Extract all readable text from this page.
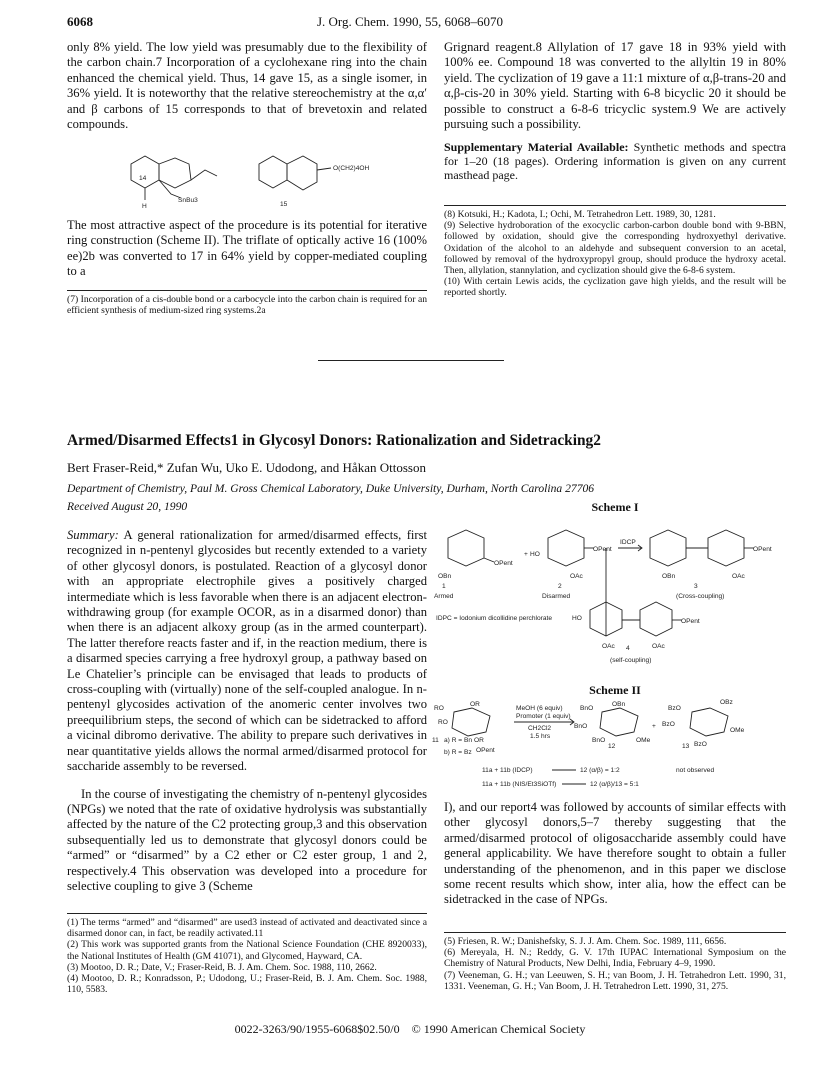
6068	J. Org. Chem. 1990, 55, 6068–6070

only 8% yield. The low yield was presumably due to the flexibility of the carbon chain.7 Incorporation of a cyclohexane ring into the chain enhanced the chemical yield. Thus, 14 gave 15, as a single isomer, in 36% yield. It is noteworthy that the relative stereochemistry at the α,α′ and β carbons of 15 corresponds to that of brevetoxin and related compounds.

H
SnBu3
14
O(CH2)4OH
15

The most attractive aspect of the procedure is its potential for iterative ring construction (Scheme II). The triflate of optically active 16 (100% ee)2b was converted to 17 in 64% yield by copper-mediated coupling to a

(7) Incorporation of a cis-double bond or a carbocycle into the carbon chain is required for an efficient synthesis of medium-sized ring systems.2a

Grignard reagent.8 Allylation of 17 gave 18 in 93% yield with 100% ee. Compound 18 was converted to the allyltin 19 in 80% yield. The cyclization of 19 gave a 11:1 mixture of α,β-trans-20 and α,β-cis-20 in 30% yield. Starting with 6-8 bicyclic 20 it should be possible to construct a 6-8-6 tricyclic system.9 We are actively pursuing such a possibility.

Supplementary Material Available: Synthetic methods and spectra for 1–20 (18 pages). Ordering information is given on any current masthead page.

(8) Kotsuki, H.; Kadota, I.; Ochi, M. Tetrahedron Lett. 1989, 30, 1281.

(9) Selective hydroboration of the exocyclic carbon-carbon double bond with 9-BBN, followed by oxidation, should give the corresponding hydroxyethyl derivative. Oxidation of the alcohol to an aldehyde and subsequent conversion to an acetal, followed by removal of the hydroxypropyl group, should produce the hydroxy acetal. Then, allylation, stannylation, and cyclization should give the 6-8-6 system.

(10) With certain Lewis acids, the cyclization gave high yields, and the result will be reported shortly.

Armed/Disarmed Effects1 in Glycosyl Donors: Rationalization and Sidetracking2
Bert Fraser-Reid,* Zufan Wu, Uko E. Udodong, and Håkan Ottosson
Department of Chemistry, Paul M. Gross Chemical Laboratory, Duke University, Durham, North Carolina 27706
Received August 20, 1990

Summary: A general rationalization for armed/disarmed effects, first recognized in n-pentenyl glycosides but recently extended to a variety of other glycosyl donors, is postulated. Reaction of a glycosyl donor with an appropriate electrophile gives a positively charged intermediate which is less favorable when there is an adjacent electron-withdrawing group (for example OCOR, as in a disarmed donor) than when there is an adjacent alkoxy group (as in the armed counterpart). The latter therefore reacts faster and if, in the reaction medium, there is a disarmed species carrying a free hydroxyl group, a pathway based on Le Chatelier’s principle can be envisaged that leads to products of cross-coupling with (virtually) none of the self-coupled analogue. In n-pentenyl glycosides activation of the anomeric center involves two preequilibrium steps, the second of which can be sidetracked to afford a vicinal dibromo derivative. The ability to prepare such derivatives in near quantitative yields allows the normal armed/disarmed protocol for saccharide assembly to be reversed.

In the course of investigating the chemistry of n-pentenyl glycosides (NPGs) we noted that the rate of oxidative hydrolysis was substantially affected by the nature of the C2 protecting group,3 and this observation subsequentially led us to demonstrate that glycosyl donors could be “armed” or “disarmed” by a C2 ether or C2 ester group, 1 and 2, respectively.4 This observation was developed into a procedure for selective coupling to give 3 (Scheme

(1) The terms “armed” and “disarmed” are used3 instead of activated and deactivated since a disarmed donor can, in fact, be readily activated.11

(2) This work was supported grants from the National Science Foundation (CHE 8920033), the National Institutes of Health (GM 41071), and Glycomed, Hayward, CA.

(3) Mootoo, D. R.; Date, V.; Fraser-Reid, B. J. Am. Chem. Soc. 1988, 110, 2662.

(4) Mootoo, D. R.; Konradsson, P.; Udodong, U.; Fraser-Reid, B. J. Am. Chem. Soc. 1988, 110, 5583.

Scheme I
OPent
OBn
1
Armed
+ HO
OPent
OAc
2
Disarmed
IDCP
OPent
OBn	OAc
3
(Cross-coupling)
HO	OPent
OAc	OAc
4
(self-coupling)
IDPC = Iodonium dicollidine perchlorate
Scheme II
RO
OR
RO
OR
OPent
11 a) R = Bn
b) R = Bz
MeOH (6 equiv)
Promoter (1 equiv)
CH2Cl2
1.5 hrs
BnO
OBn
BnO
BnO	OMe
12
+
BzO
OBz
BzO
OMe
BzO
13
11a + 11b (IDCP)	12 (α/β) = 1:2	not observed
11a + 11b (NIS/Et3SiOTf)	12 (α/β)/13 = 5:1

I), and our report4 was followed by accounts of similar effects with other glycosyl donors,5–7 thereby suggesting that the armed/disarmed protocol of oligosaccharide assembly could have general applicability. We have therefore sought to obtain a fuller understanding of the phenomenon, and in this paper we disclose some recent results which show, inter alia, how the effect can be sidetracked in the case of NPGs.

(5) Friesen, R. W.; Danishefsky, S. J. J. Am. Chem. Soc. 1989, 111, 6656.

(6) Mereyala, H. N.; Reddy, G. V. 17th IUPAC International Symposium on the Chemistry of Natural Products, New Delhi, India, February 4–9, 1990.

(7) Veeneman, G. H.; van Leeuwen, S. H.; van Boom, J. H. Tetrahedron Lett. 1990, 31, 1331. Veeneman, G. H.; Van Boom, J. H. Tetrahedron Lett. 1990, 31, 275.

0022-3263/90/1955-6068$02.50/0 © 1990 American Chemical Society
